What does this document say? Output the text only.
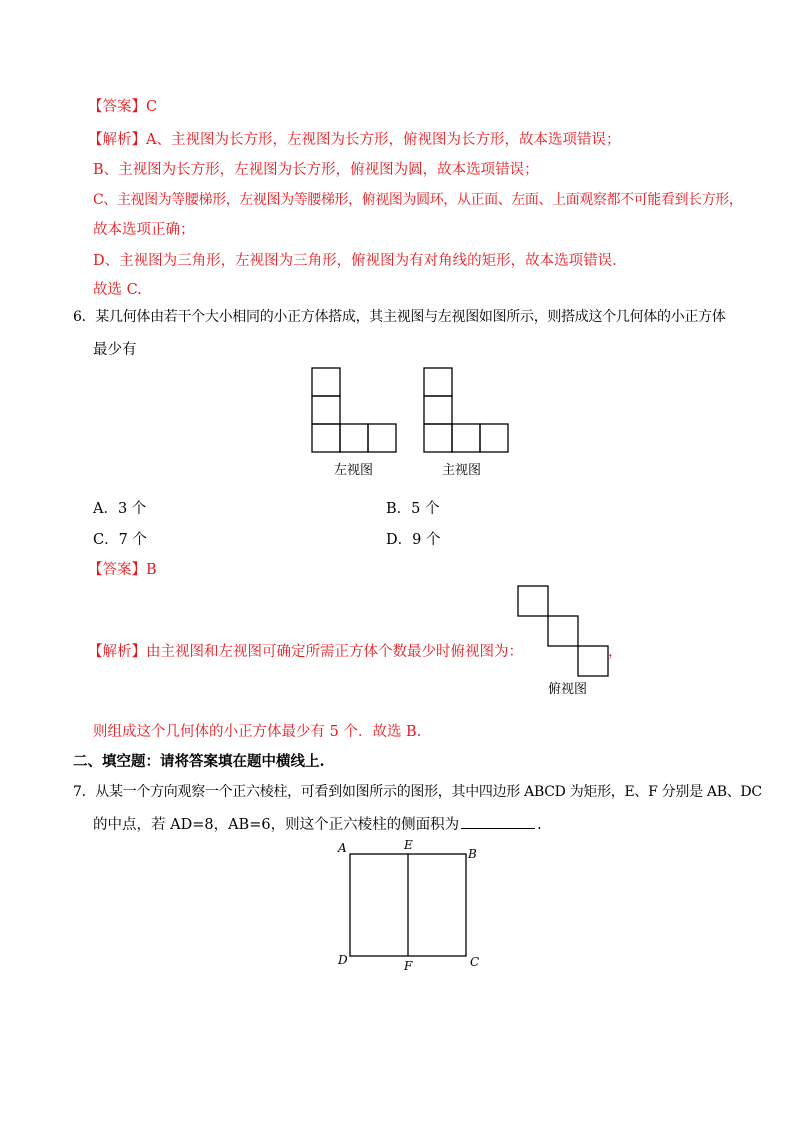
【答案】C
【解析】A、主视图为长方形，左视图为长方形，俯视图为长方形，故本选项错误；
B、主视图为长方形，左视图为长方形，俯视图为圆，故本选项错误；
C、主视图为等腰梯形，左视图为等腰梯形，俯视图为圆环，从正面、左面、上面观察都不可能看到长方形，
故本选项正确；
D、主视图为三角形，左视图为三角形，俯视图为有对角线的矩形，故本选项错误.
故选 C.
6．某几何体由若干个大小相同的小正方体搭成，其主视图与左视图如图所示，则搭成这个几何体的小正方体
最少有
左视图	主视图
A．3 个	B．5 个
C．7 个	D．9 个
【答案】B
俯视图
【解析】由主视图和左视图可确定所需正方体个数最少时俯视图为：	，
则组成这个几何体的小正方体最少有 5 个．故选 B.
二、填空题：请将答案填在题中横线上.
7．从某一个方向观察一个正六棱柱，可看到如图所示的图形，其中四边形 ABCD 为矩形，E、F 分别是 AB、DC
的中点，若 AD=8，AB=6，则这个正六棱柱的侧面积为	.
A	E
B
D	F	C
